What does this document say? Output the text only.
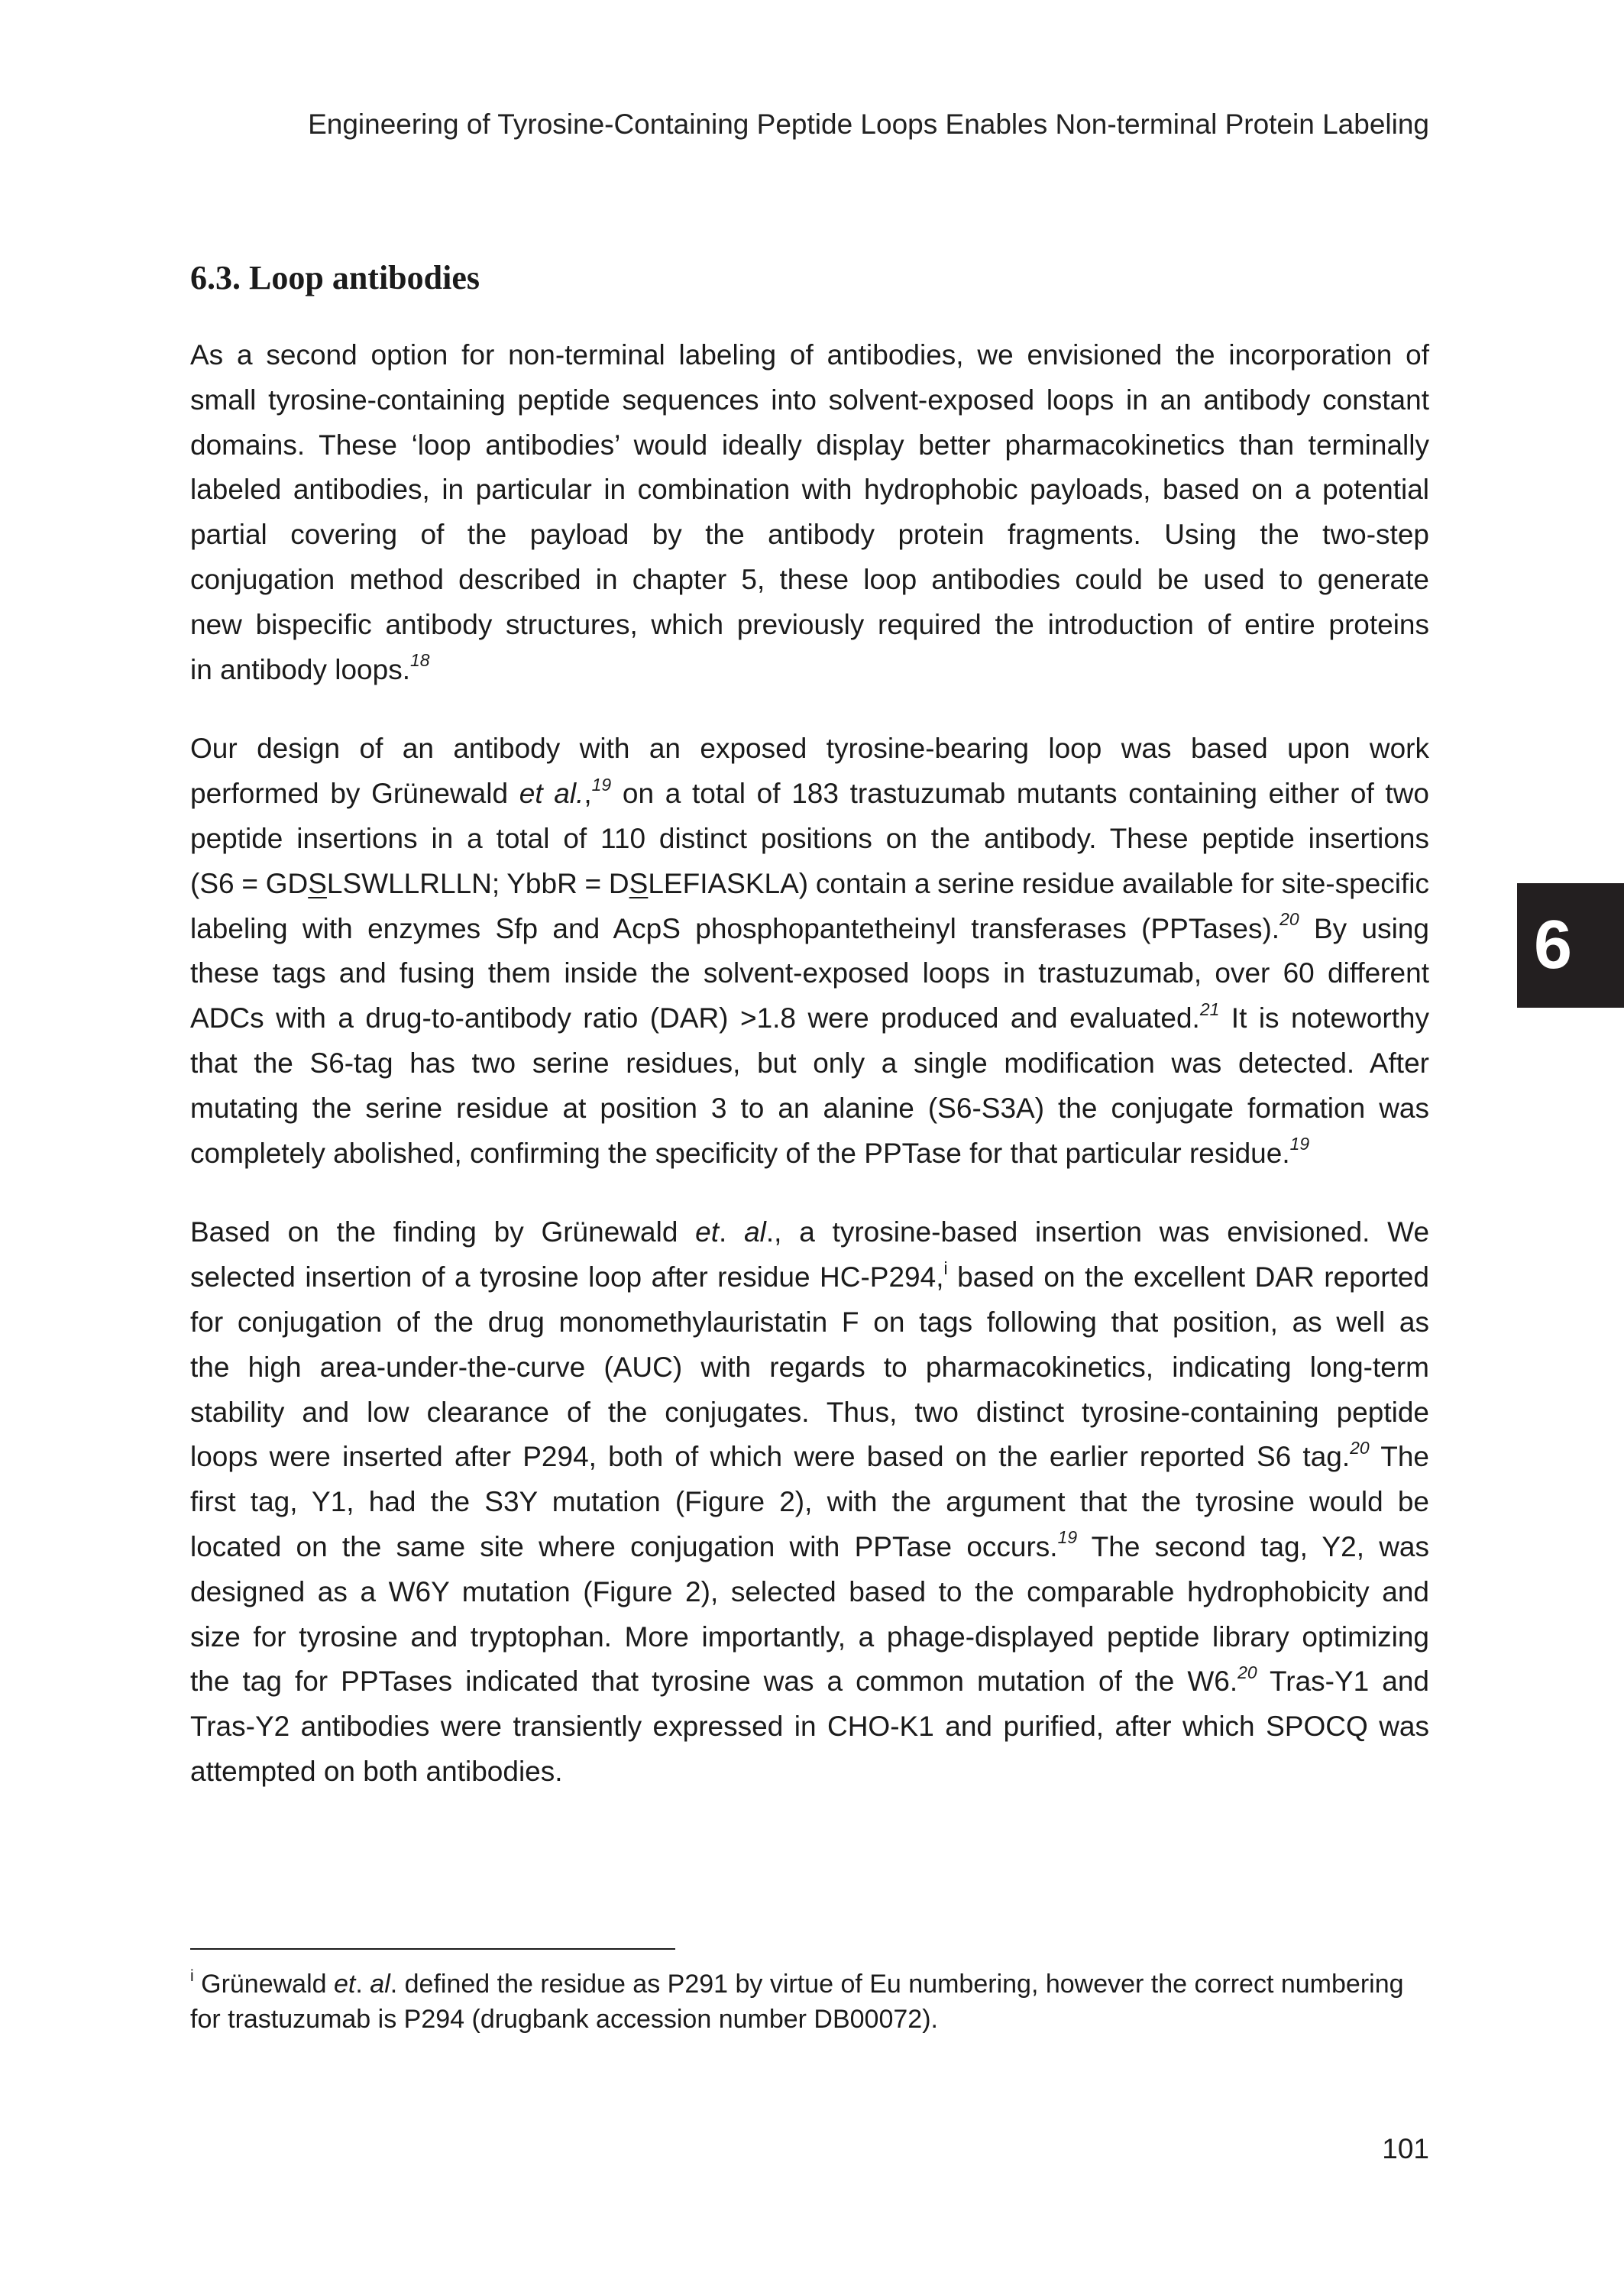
Engineering of Tyrosine-Containing Peptide Loops Enables Non-terminal Protein Labeling
6.3. Loop antibodies
As a second option for non-terminal labeling of antibodies, we envisioned the incorporation of
small tyrosine-containing peptide sequences into solvent-exposed loops in an antibody constant
domains. These ‘loop antibodies’ would ideally display better pharmacokinetics than terminally
labeled antibodies, in particular in combination with hydrophobic payloads, based on a potential
partial covering of the payload by the antibody protein fragments. Using the two-step
conjugation method described in chapter 5, these loop antibodies could be used to generate
new bispecific antibody structures, which previously required the introduction of entire proteins
in antibody loops.$^{18}$
Our design of an antibody with an exposed tyrosine-bearing loop was based upon work
performed by Grünewald et al.,$^{19}$ on a total of 183 trastuzumab mutants containing either of two
peptide insertions in a total of 110 distinct positions on the antibody. These peptide insertions
(S6 = GDSLSWLLRLLN; YbbR = DSLEFIASKLA) contain a serine residue available for site-specific
labeling with enzymes Sfp and AcpS phosphopantetheinyl transferases (PPTases).$^{20}$ By using
these tags and fusing them inside the solvent-exposed loops in trastuzumab, over 60 different
ADCs with a drug-to-antibody ratio (DAR) >1.8 were produced and evaluated.$^{21}$ It is noteworthy
that the S6-tag has two serine residues, but only a single modification was detected. After
mutating the serine residue at position 3 to an alanine (S6-S3A) the conjugate formation was
completely abolished, confirming the specificity of the PPTase for that particular residue.$^{19}$
Based on the finding by Grünewald et. al., a tyrosine-based insertion was envisioned. We
selected insertion of a tyrosine loop after residue HC-P294,$^i$ based on the excellent DAR reported
for conjugation of the drug monomethylauristatin F on tags following that position, as well as
the high area-under-the-curve (AUC) with regards to pharmacokinetics, indicating long-term
stability and low clearance of the conjugates. Thus, two distinct tyrosine-containing peptide
loops were inserted after P294, both of which were based on the earlier reported S6 tag.$^{20}$ The
first tag, Y1, had the S3Y mutation (Figure 2), with the argument that the tyrosine would be
located on the same site where conjugation with PPTase occurs.$^{19}$ The second tag, Y2, was
designed as a W6Y mutation (Figure 2), selected based to the comparable hydrophobicity and
size for tyrosine and tryptophan. More importantly, a phage-displayed peptide library optimizing
the tag for PPTases indicated that tyrosine was a common mutation of the W6.20 Tras-Y1 and
Tras-Y2 antibodies were transiently expressed in CHO-K1 and purified, after which SPOCQ was
attempted on both antibodies.
6
$^i$ Grünewald et. al. defined the residue as P291 by virtue of Eu numbering, however the correct numbering
for trastuzumab is P294 (drugbank accession number DB00072).
101
